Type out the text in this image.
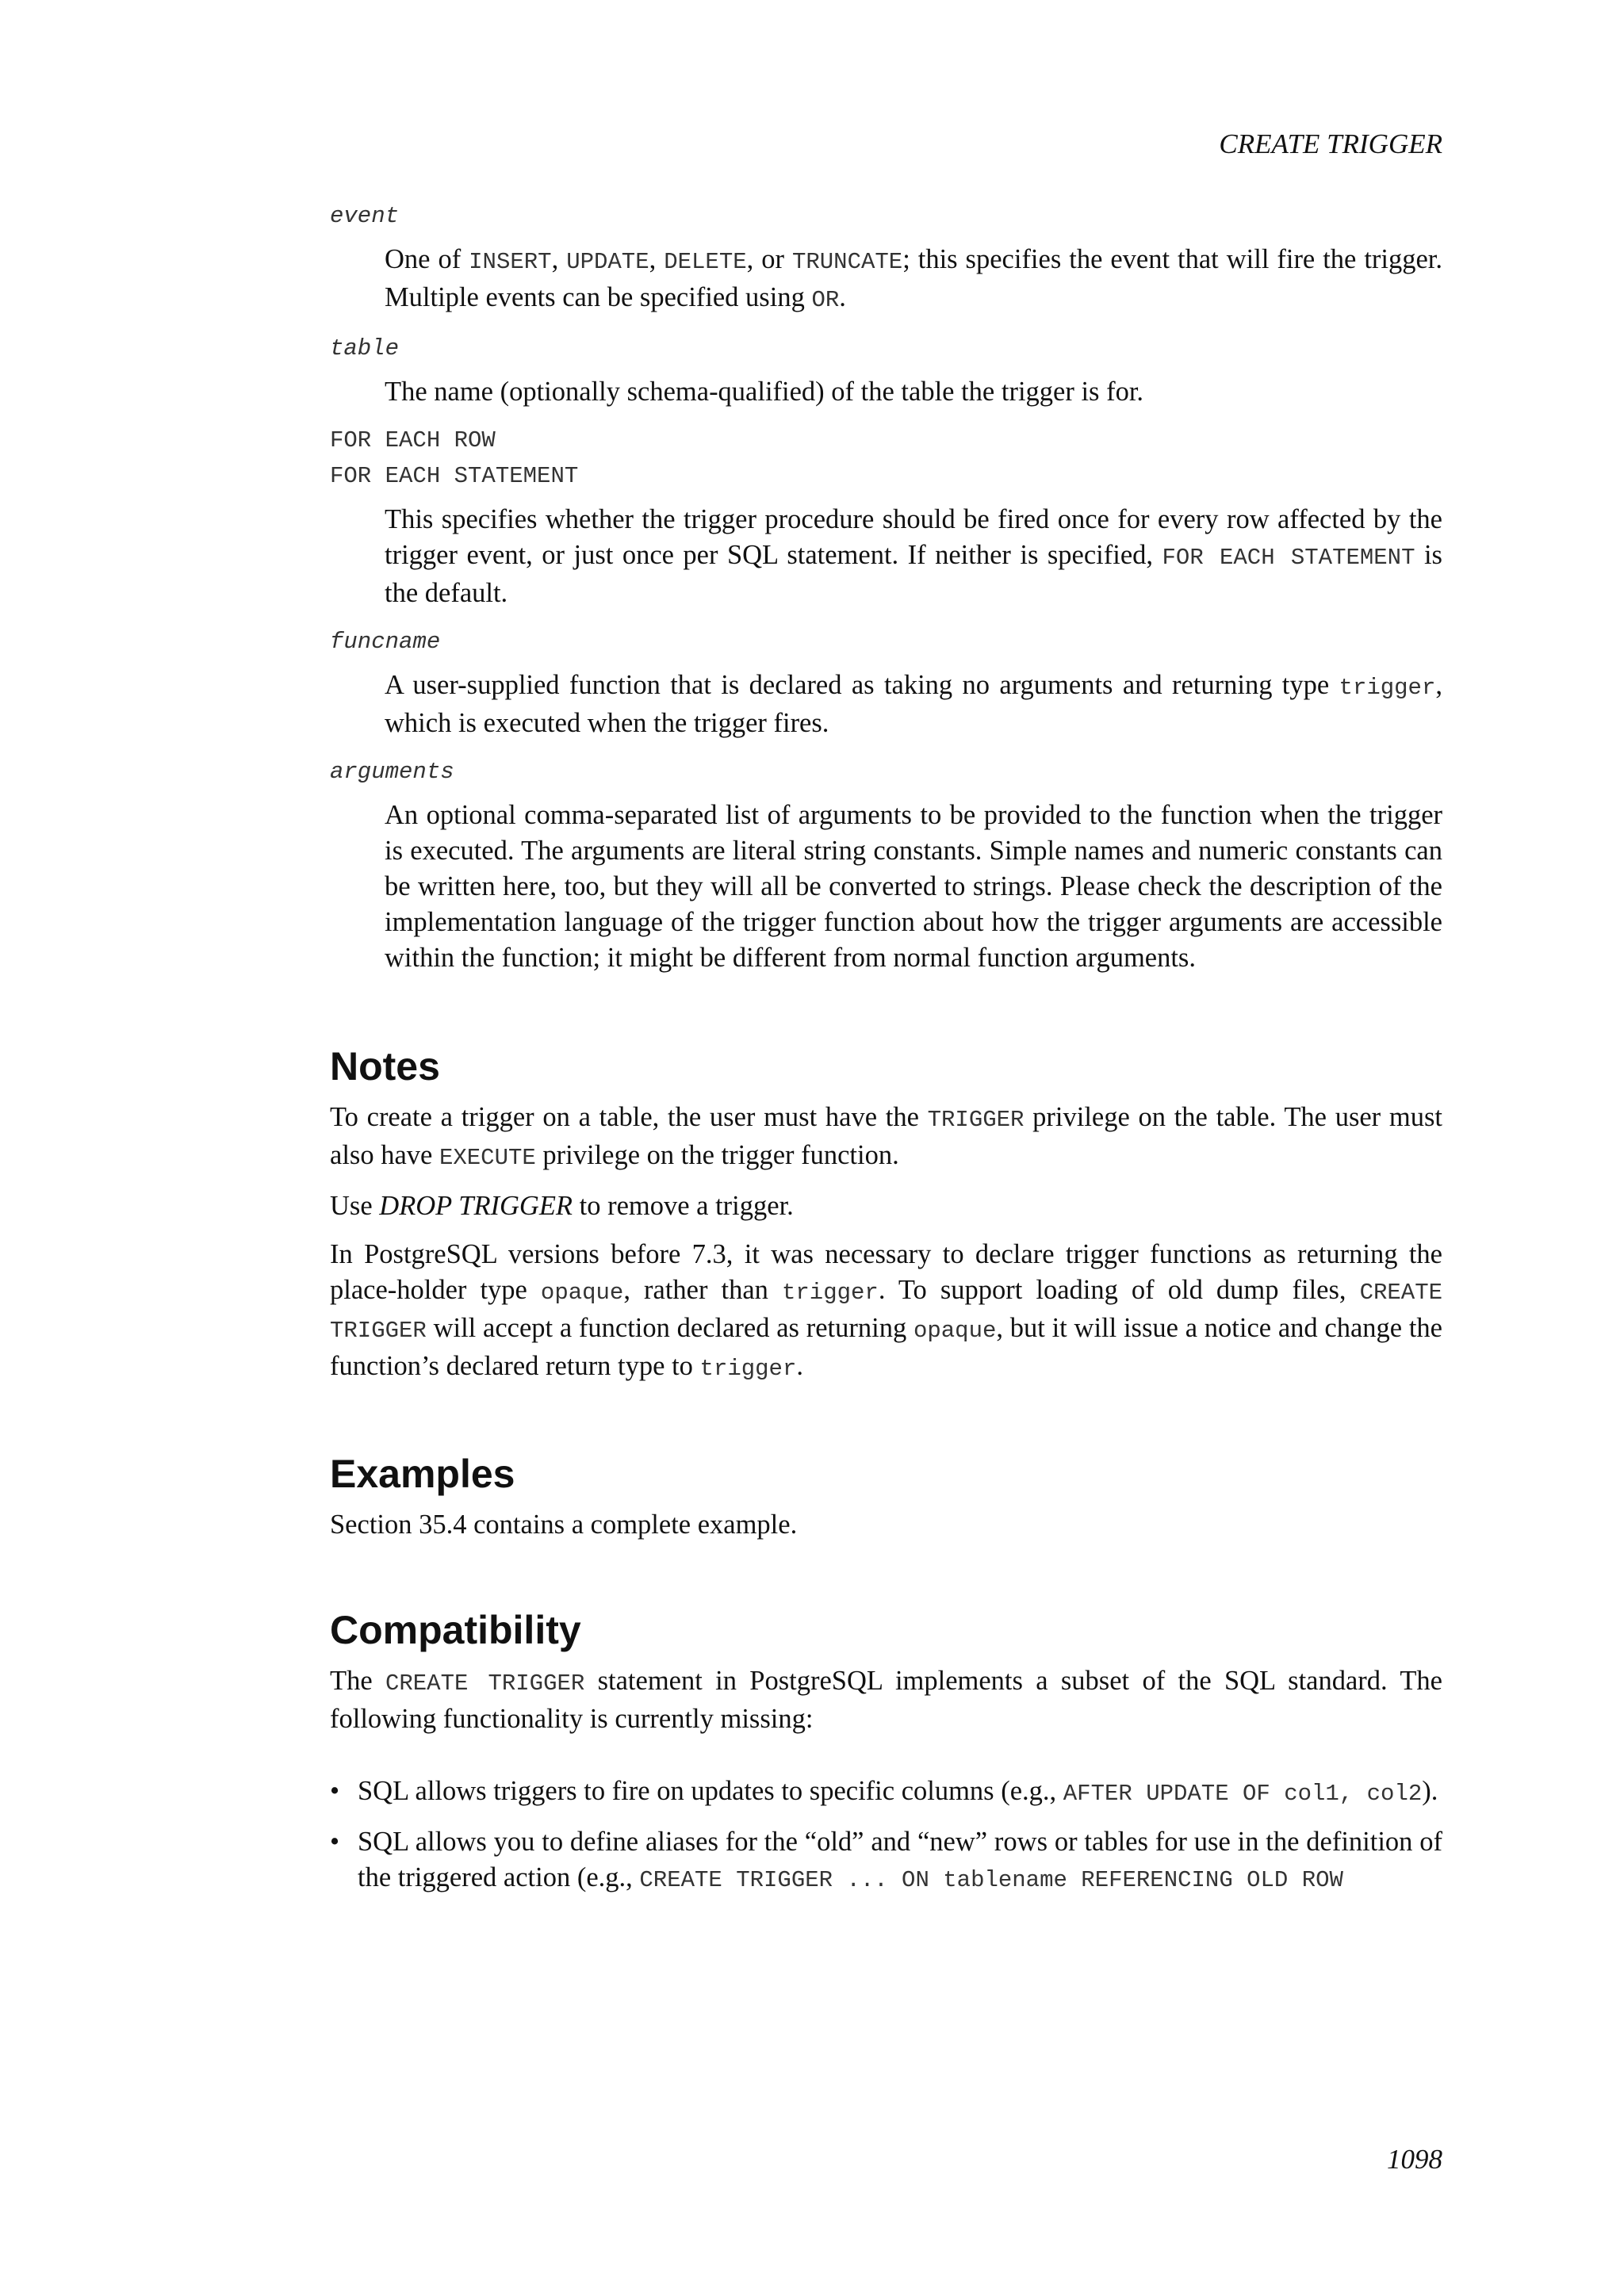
CREATE TRIGGER
event

One of INSERT, UPDATE, DELETE, or TRUNCATE; this specifies the event that will fire the trigger. Multiple events can be specified using OR.

table

The name (optionally schema-qualified) of the table the trigger is for.

FOR EACH ROW
FOR EACH STATEMENT

This specifies whether the trigger procedure should be fired once for every row affected by the trigger event, or just once per SQL statement. If neither is specified, FOR EACH STATEMENT is the default.

funcname

A user-supplied function that is declared as taking no arguments and returning type trigger, which is executed when the trigger fires.

arguments

An optional comma-separated list of arguments to be provided to the function when the trigger is executed. The arguments are literal string constants. Simple names and numeric constants can be written here, too, but they will all be converted to strings. Please check the description of the implementation language of the trigger function about how the trigger arguments are accessible within the function; it might be different from normal function arguments.

Notes

To create a trigger on a table, the user must have the TRIGGER privilege on the table. The user must also have EXECUTE privilege on the trigger function.

Use DROP TRIGGER to remove a trigger.

In PostgreSQL versions before 7.3, it was necessary to declare trigger functions as returning the place-holder type opaque, rather than trigger. To support loading of old dump files, CREATE TRIGGER will accept a function declared as returning opaque, but it will issue a notice and change the function’s declared return type to trigger.

Examples

Section 35.4 contains a complete example.

Compatibility

The CREATE TRIGGER statement in PostgreSQL implements a subset of the SQL standard. The following functionality is currently missing:

• SQL allows triggers to fire on updates to specific columns (e.g., AFTER UPDATE OF col1, col2).
• SQL allows you to define aliases for the “old” and “new” rows or tables for use in the definition of the triggered action (e.g., CREATE TRIGGER ... ON tablename REFERENCING OLD ROW
1098
